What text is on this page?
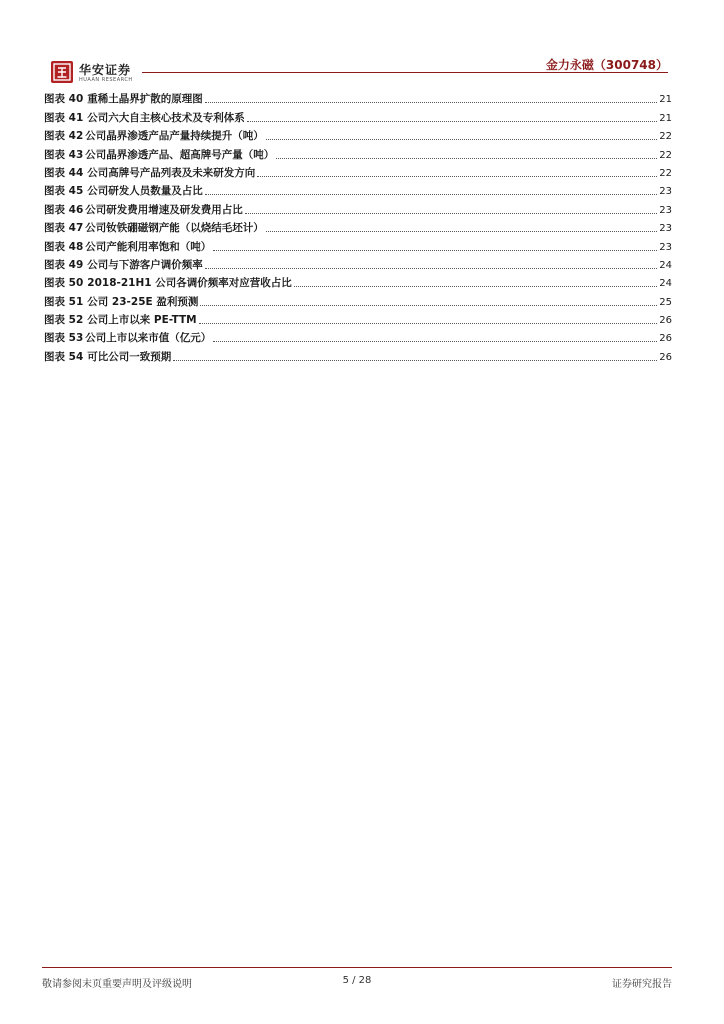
华安证券
HUAAN RESEARCH
金力永磁（300748）
图表 40 重稀土晶界扩散的原理图	21
图表 41 公司六大自主核心技术及专利体系	21
图表 42 公司晶界渗透产品产量持续提升（吨）	22
图表 43 公司晶界渗透产品、超高牌号产量（吨）	22
图表 44 公司高牌号产品列表及未来研发方向	22
图表 45 公司研发人员数量及占比	23
图表 46 公司研发费用增速及研发费用占比	23
图表 47 公司钕铁硼磁钢产能（以烧结毛坯计）	23
图表 48 公司产能利用率饱和（吨）	23
图表 49 公司与下游客户调价频率	24
图表 50 2018-21H1 公司各调价频率对应营收占比	24
图表 51 公司 23-25E 盈利预测	25
图表 52 公司上市以来 PE-TTM	26
图表 53 公司上市以来市值（亿元）	26
图表 54 可比公司一致预期	26
敬请参阅末页重要声明及评级说明	5 / 28	证券研究报告
